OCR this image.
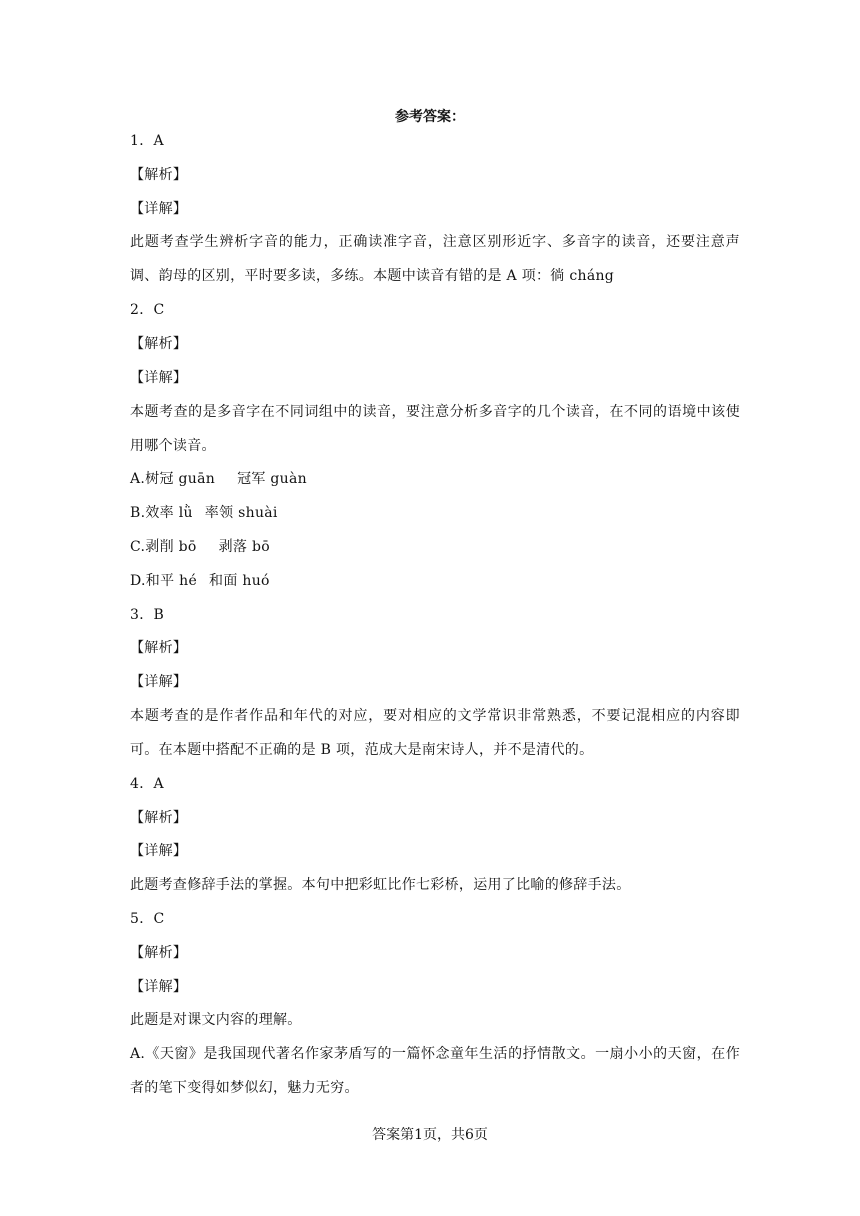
参考答案：
1．A
【解析】
【详解】
此题考查学生辨析字音的能力，正确读准字音，注意区别形近字、多音字的读音，还要注意声调、韵母的区别，平时要多读，多练。本题中读音有错的是 A 项：徜 cháng
2．C
【解析】
【详解】
本题考查的是多音字在不同词组中的读音，要注意分析多音字的几个读音，在不同的语境中该使用哪个读音。
A.树冠 guān 冠军 guàn
B.效率 lǜ 率领 shuài
C.剥削 bō 剥落 bō
D.和平 hé 和面 huó
3．B
【解析】
【详解】
本题考查的是作者作品和年代的对应，要对相应的文学常识非常熟悉，不要记混相应的内容即可。在本题中搭配不正确的是 B 项，范成大是南宋诗人，并不是清代的。
4．A
【解析】
【详解】
此题考查修辞手法的掌握。本句中把彩虹比作七彩桥，运用了比喻的修辞手法。
5．C
【解析】
【详解】
此题是对课文内容的理解。
A.《天窗》是我国现代著名作家茅盾写的一篇怀念童年生活的抒情散文。一扇小小的天窗，在作者的笔下变得如梦似幻，魅力无穷。
答案第1页，共6页
